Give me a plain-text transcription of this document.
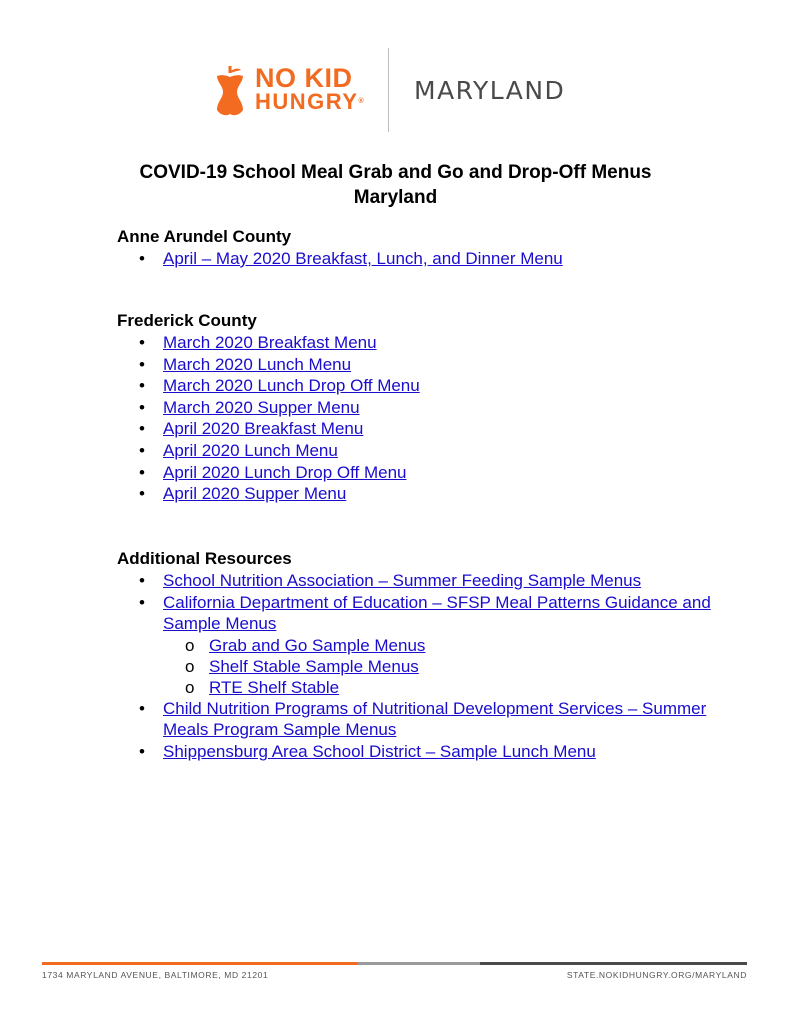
NO KID
HUNGRY® MARYLAND
COVID-19 School Meal Grab and Go and Drop-Off Menus
Maryland

Anne Arundel County

• April – May 2020 Breakfast, Lunch, and Dinner Menu

Frederick County

• March 2020 Breakfast Menu
• March 2020 Lunch Menu
• March 2020 Lunch Drop Off Menu
• March 2020 Supper Menu
• April 2020 Breakfast Menu
• April 2020 Lunch Menu
• April 2020 Lunch Drop Off Menu
• April 2020 Supper Menu

Additional Resources

• School Nutrition Association – Summer Feeding Sample Menus
• California Department of Education – SFSP Meal Patterns Guidance and Sample Menus
o Grab and Go Sample Menus
o Shelf Stable Sample Menus
o RTE Shelf Stable
• Child Nutrition Programs of Nutritional Development Services – Summer Meals Program Sample Menus
• Shippensburg Area School District – Sample Lunch Menu
1734 MARYLAND AVENUE, BALTIMORE, MD 21201	STATE.NOKIDHUNGRY.ORG/MARYLAND
